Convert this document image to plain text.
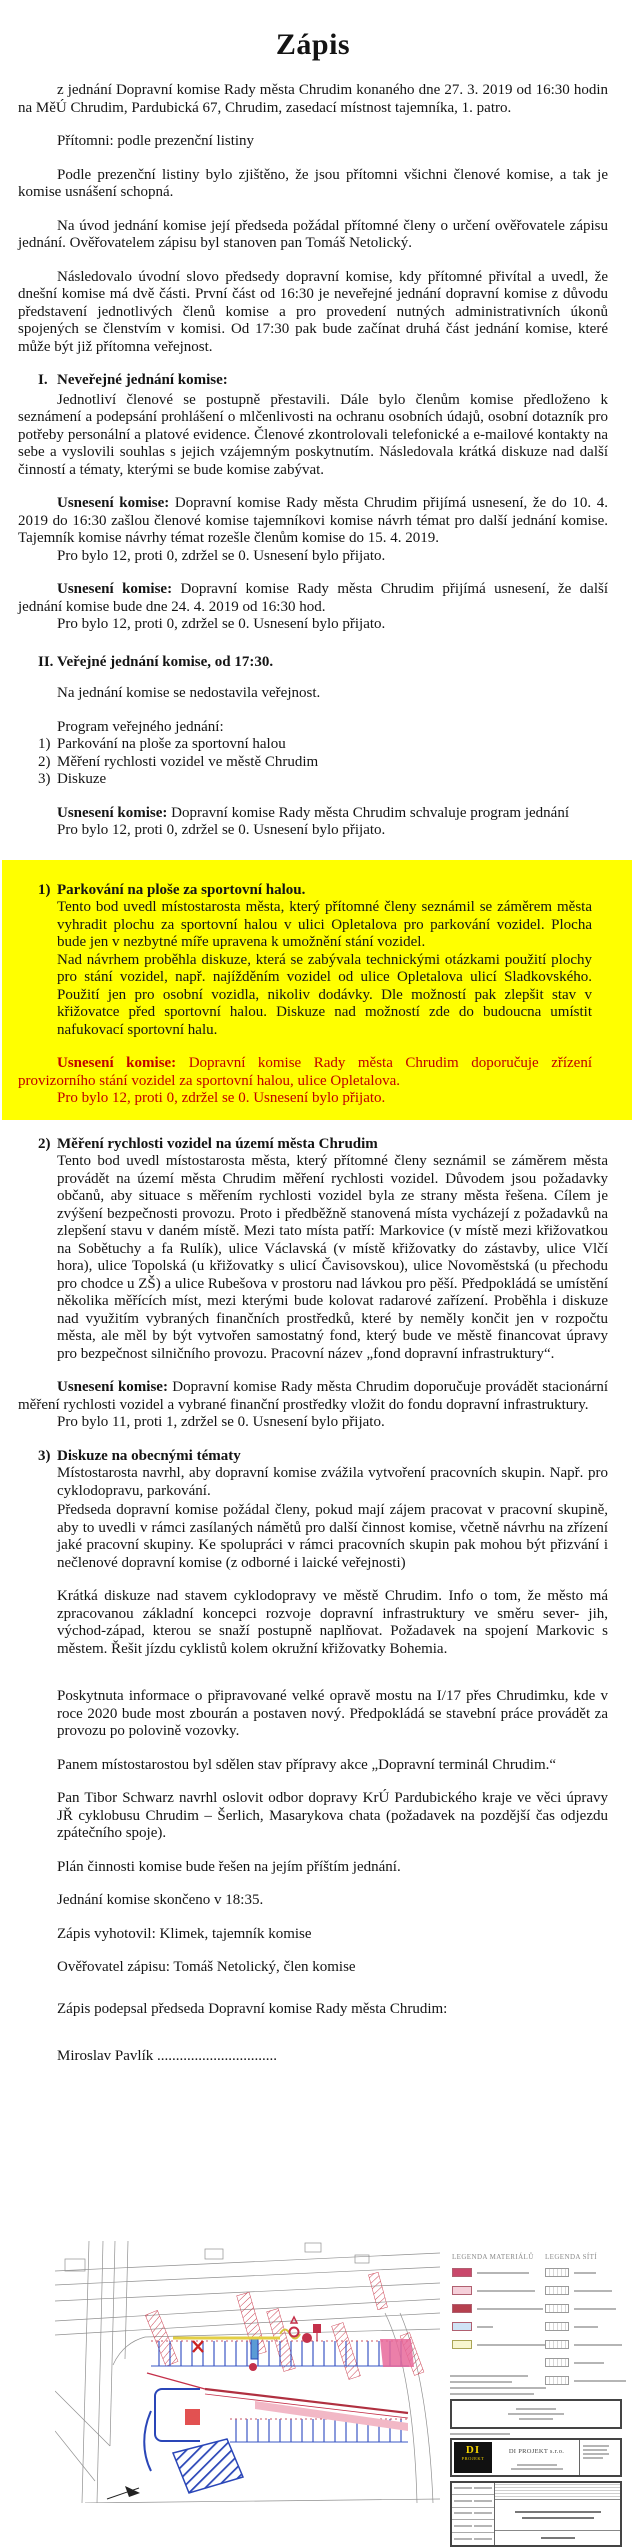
Zápis

z jednání Dopravní komise Rady města Chrudim konaného dne 27. 3. 2019 od 16:30 hodin na MěÚ Chrudim, Pardubická 67, Chrudim, zasedací místnost tajemníka, 1. patro.

Přítomni: podle prezenční listiny

Podle prezenční listiny bylo zjištěno, že jsou přítomni všichni členové komise, a tak je komise usnášení schopná.

Na úvod jednání komise její předseda požádal přítomné členy o určení ověřovatele zápisu jednání. Ověřovatelem zápisu byl stanoven pan Tomáš Netolický.

Následovalo úvodní slovo předsedy dopravní komise, kdy přítomné přivítal a uvedl, že dnešní komise má dvě části. První část od 16:30 je neveřejné jednání dopravní komise z důvodu představení jednotlivých členů komise a pro provedení nutných administrativních úkonů spojených se členstvím v komisi. Od 17:30 pak bude začínat druhá část jednání komise, které může být již přítomna veřejnost.

I. Neveřejné jednání komise:

Jednotliví členové se postupně přestavili. Dále bylo členům komise předloženo k seznámení a podepsání prohlášení o mlčenlivosti na ochranu osobních údajů, osobní dotazník pro potřeby personální a platové evidence. Členové zkontrolovali telefonické a e-mailové kontakty na sebe a vyslovili souhlas s jejich vzájemným poskytnutím. Následovala krátká diskuze nad další činností a tématy, kterými se bude komise zabývat.

Usnesení komise: Dopravní komise Rady města Chrudim přijímá usnesení, že do 10. 4. 2019 do 16:30 zašlou členové komise tajemníkovi komise návrh témat pro další jednání komise. Tajemník komise návrhy témat rozešle členům komise do 15. 4. 2019.

Pro bylo 12, proti 0, zdržel se 0. Usnesení bylo přijato.

Usnesení komise: Dopravní komise Rady města Chrudim přijímá usnesení, že další jednání komise bude dne 24. 4. 2019 od 16:30 hod.

Pro bylo 12, proti 0, zdržel se 0. Usnesení bylo přijato.

II. Veřejné jednání komise, od 17:30.

Na jednání komise se nedostavila veřejnost.

Program veřejného jednání:

1) Parkování na ploše za sportovní halou
2) Měření rychlosti vozidel ve městě Chrudim
3) Diskuze

Usnesení komise: Dopravní komise Rady města Chrudim schvaluje program jednání

Pro bylo 12, proti 0, zdržel se 0. Usnesení bylo přijato.

1) Parkování na ploše za sportovní halou.

Tento bod uvedl místostarosta města, který přítomné členy seznámil se záměrem města vyhradit plochu za sportovní halou v ulici Opletalova pro parkování vozidel. Plocha bude jen v nezbytné míře upravena k umožnění stání vozidel.

Nad návrhem proběhla diskuze, která se zabývala technickými otázkami použití plochy pro stání vozidel, např. najížděním vozidel od ulice Opletalova ulicí Sladkovského. Použití jen pro osobní vozidla, nikoliv dodávky. Dle možností pak zlepšit stav v křižovatce před sportovní halou. Diskuze nad možností zde do budoucna umístit nafukovací sportovní halu.

Usnesení komise: Dopravní komise Rady města Chrudim doporučuje zřízení provizorního stání vozidel za sportovní halou, ulice Opletalova.

Pro bylo 12, proti 0, zdržel se 0. Usnesení bylo přijato.

2) Měření rychlosti vozidel na území města Chrudim

Tento bod uvedl místostarosta města, který přítomné členy seznámil se záměrem města provádět na území města Chrudim měření rychlosti vozidel. Důvodem jsou požadavky občanů, aby situace s měřením rychlosti vozidel byla ze strany města řešena. Cílem je zvýšení bezpečnosti provozu. Proto i předběžně stanovená místa vycházejí z požadavků na zlepšení stavu v daném místě. Mezi tato místa patří: Markovice (v místě mezi křižovatkou na Sobětuchy a fa Rulík), ulice Václavská (v místě křižovatky do zástavby, ulice Vlčí hora), ulice Topolská (u křižovatky s ulicí Čavisovskou), ulice Novoměstská (u přechodu pro chodce u ZŠ) a ulice Rubešova v prostoru nad lávkou pro pěší. Předpokládá se umístění několika měřících míst, mezi kterými bude kolovat radarové zařízení. Proběhla i diskuze nad využitím vybraných finančních prostředků, které by neměly končit jen v rozpočtu města, ale měl by být vytvořen samostatný fond, který bude ve městě financovat úpravy pro bezpečnost silničního provozu. Pracovní název „fond dopravní infrastruktury“.

Usnesení komise: Dopravní komise Rady města Chrudim doporučuje provádět stacionární měření rychlosti vozidel a vybrané finanční prostředky vložit do fondu dopravní infrastruktury.

Pro bylo 11, proti 1, zdržel se 0. Usnesení bylo přijato.

3) Diskuze na obecnými tématy

Místostarosta navrhl, aby dopravní komise zvážila vytvoření pracovních skupin. Např. pro cyklodopravu, parkování.

Předseda dopravní komise požádal členy, pokud mají zájem pracovat v pracovní skupině, aby to uvedli v rámci zasílaných námětů pro další činnost komise, včetně návrhu na zřízení jaké pracovní skupiny. Ke spolupráci v rámci pracovních skupin pak mohou být přizvání i nečlenové dopravní komise (z odborné i laické veřejnosti)

Krátká diskuze nad stavem cyklodopravy ve městě Chrudim. Info o tom, že město má zpracovanou základní koncepci rozvoje dopravní infrastruktury ve směru sever- jih, východ-západ, kterou se snaží postupně naplňovat. Požadavek na spojení Markovic s městem. Řešit jízdu cyklistů kolem okružní křižovatky Bohemia.

Poskytnuta informace o připravované velké opravě mostu na I/17 přes Chrudimku, kde v roce 2020 bude most zbourán a postaven nový. Předpokládá se stavební práce provádět za provozu po polovině vozovky.

Panem místostarostou byl sdělen stav přípravy akce „Dopravní terminál Chrudim.“

Pan Tibor Schwarz navrhl oslovit odbor dopravy KrÚ Pardubického kraje ve věci úpravy JŘ cyklobusu Chrudim – Šerlich, Masarykova chata (požadavek na pozdější čas odjezdu zpátečního spoje).

Plán činnosti komise bude řešen na jejím příštím jednání.

Jednání komise skončeno v 18:35.

Zápis vyhotovil: Klimek, tajemník komise

Ověřovatel zápisu: Tomáš Netolický, člen komise

Zápis podepsal předseda Dopravní komise Rady města Chrudim:

Miroslav Pavlík ................................

LEGENDA MATERIÁLŮ	LEGENDA SÍTÍ
DI
PROJEKT
DI PROJEKT s.r.o.
